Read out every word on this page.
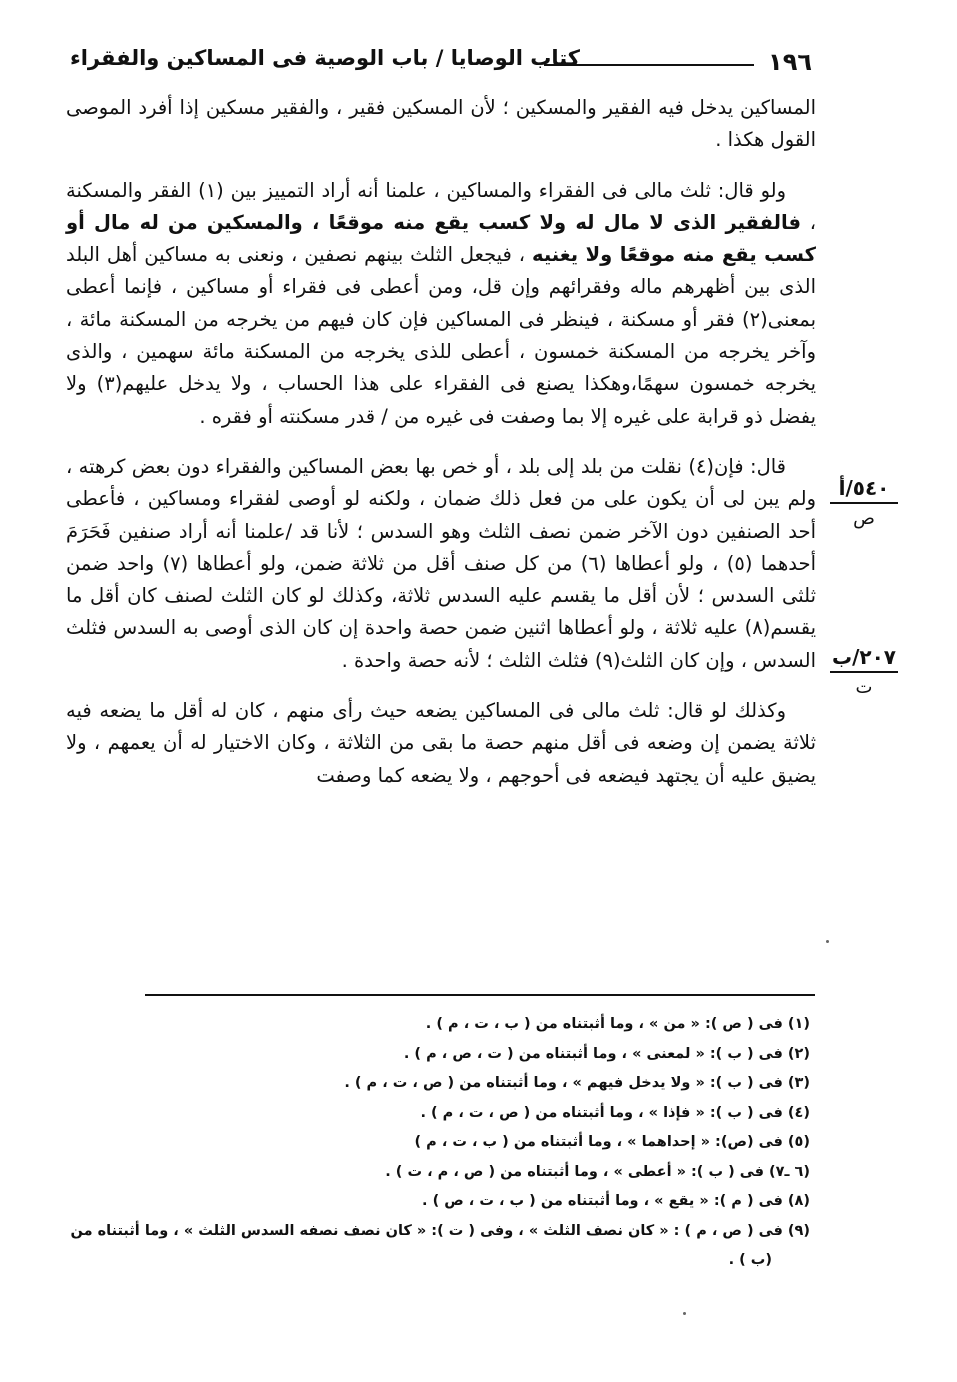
١٩٦
كتاب الوصايا / باب الوصية فى المساكين والفقراء

المساكين يدخل فيه الفقير والمسكين ؛ لأن المسكين فقير ، والفقير مسكين إذا أفرد الموصى القول هكذا .

ولو قال: ثلث مالى فى الفقراء والمساكين ، علمنا أنه أراد التمييز بين (١) الفقر والمسكنة ، فالفقير الذى لا مال له ولا كسب يقع منه موقعًا ، والمسكين من له مال أو كسب يقع منه موقعًا ولا يغنيه ، فيجعل الثلث بينهم نصفين ، ونعنى به مساكين أهل البلد الذى بين أظهرهم ماله وفقرائهم وإن قل، ومن أعطى فى فقراء أو مساكين ، فإنما أعطى بمعنى(٢) فقر أو مسكنة ، فينظر فى المساكين فإن كان فيهم من يخرجه من المسكنة مائة ، وآخر يخرجه من المسكنة خمسون ، أعطى للذى يخرجه من المسكنة مائة سهمين ، والذى يخرجه خمسون سهمًا،وهكذا يصنع فى الفقراء على هذا الحساب ، ولا يدخل عليهم(٣) ولا يفضل ذو قرابة على غيره إلا بما وصفت فى غيره من / قدر مسكنته أو فقره .

قال: فإن(٤) نقلت من بلد إلى بلد ، أو خص بها بعض المساكين والفقراء دون بعض كرهته ، ولم يبن لى أن يكون على من فعل ذلك ضمان ، ولكنه لو أوصى لفقراء ومساكين ، فأعطى أحد الصنفين دون الآخر ضمن نصف الثلث وهو السدس ؛ لأنا قد /علمنا أنه أراد صنفين فَحَرَمَ أحدهما (٥) ، ولو أعطاها (٦) من كل صنف أقل من ثلاثة ضمن، ولو أعطاها (٧) واحد ضمن ثلثى السدس ؛ لأن أقل ما يقسم عليه السدس ثلاثة، وكذلك لو كان الثلث لصنف كان أقل ما يقسم(٨) عليه ثلاثة ، ولو أعطاها اثنين ضمن حصة واحدة إن كان الذى أوصى به السدس فثلث السدس ، وإن كان الثلث(٩) فثلث الثلث ؛ لأنه حصة واحدة .

وكذلك لو قال: ثلث مالى فى المساكين يضعه حيث رأى منهم ، كان له أقل ما يضعه فيه ثلاثة يضمن إن وضعه فى أقل منهم حصة ما بقى من الثلاثة ، وكان الاختيار له أن يعمهم ، ولا يضيق عليه أن يجتهد فيضعه فى أحوجهم ، ولا يضعه كما وصفت

٥٤٠/أ
ص
٢٠٧/ب
ت

(١) فى ( ص ): « من » ، وما أثبتناه من ( ب ، ت ، م ) .

(٢) فى ( ب ): « لمعنى » ، وما أثبتناه من ( ت ، ص ، م ) .

(٣) فى ( ب ): « ولا يدخل فيهم » ، وما أثبتناه من ( ص ، ت ، م ) .

(٤) فى ( ب ): « فإذا » ، وما أثبتناه من ( ص ، ت ، م ) .

(٥) فى (ص): « إحداهما » ، وما أثبتناه من ( ب ، ت ، م )

(٦ ـ٧) فى ( ب ): « أعطى » ، وما أثبتناه من ( ص ، م ، ت ) .

(٨) فى ( م ): « يقع » ، وما أثبتناه من ( ب ، ت ، ص ) .

(٩) فى ( ص ، م ) : « كان نصف الثلث » ، وفى ( ت ): « كان نصف نصفه السدس الثلث » ، وما أثبتناه من
(ب ) .
